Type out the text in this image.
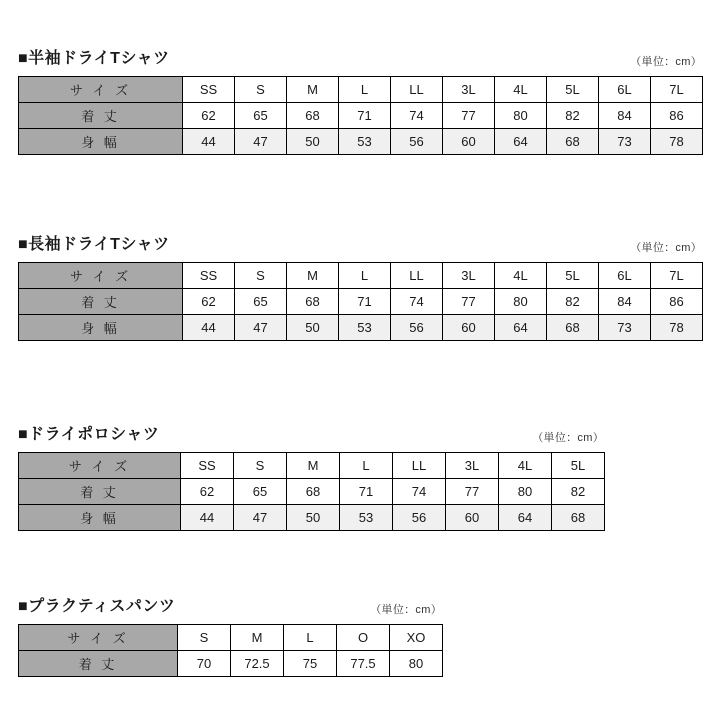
■半袖ドライTシャツ	（単位：cm）
サ イ ズ	SS	S	M	L	LL	3L	4L	5L	6L	7L
着 丈	62	65	68	71	74	77	80	82	84	86
身 幅	44	47	50	53	56	60	64	68	73	78
■長袖ドライTシャツ	（単位：cm）
サ イ ズ	SS	S	M	L	LL	3L	4L	5L	6L	7L
着 丈	62	65	68	71	74	77	80	82	84	86
身 幅	44	47	50	53	56	60	64	68	73	78
■ドライポロシャツ	（単位：cm）
サ イ ズ	SS	S	M	L	LL	3L	4L	5L
着 丈	62	65	68	71	74	77	80	82
身 幅	44	47	50	53	56	60	64	68
■プラクティスパンツ	（単位：cm）
サ イ ズ	S	M	L	O	XO
着 丈	70	72.5	75	77.5	80
